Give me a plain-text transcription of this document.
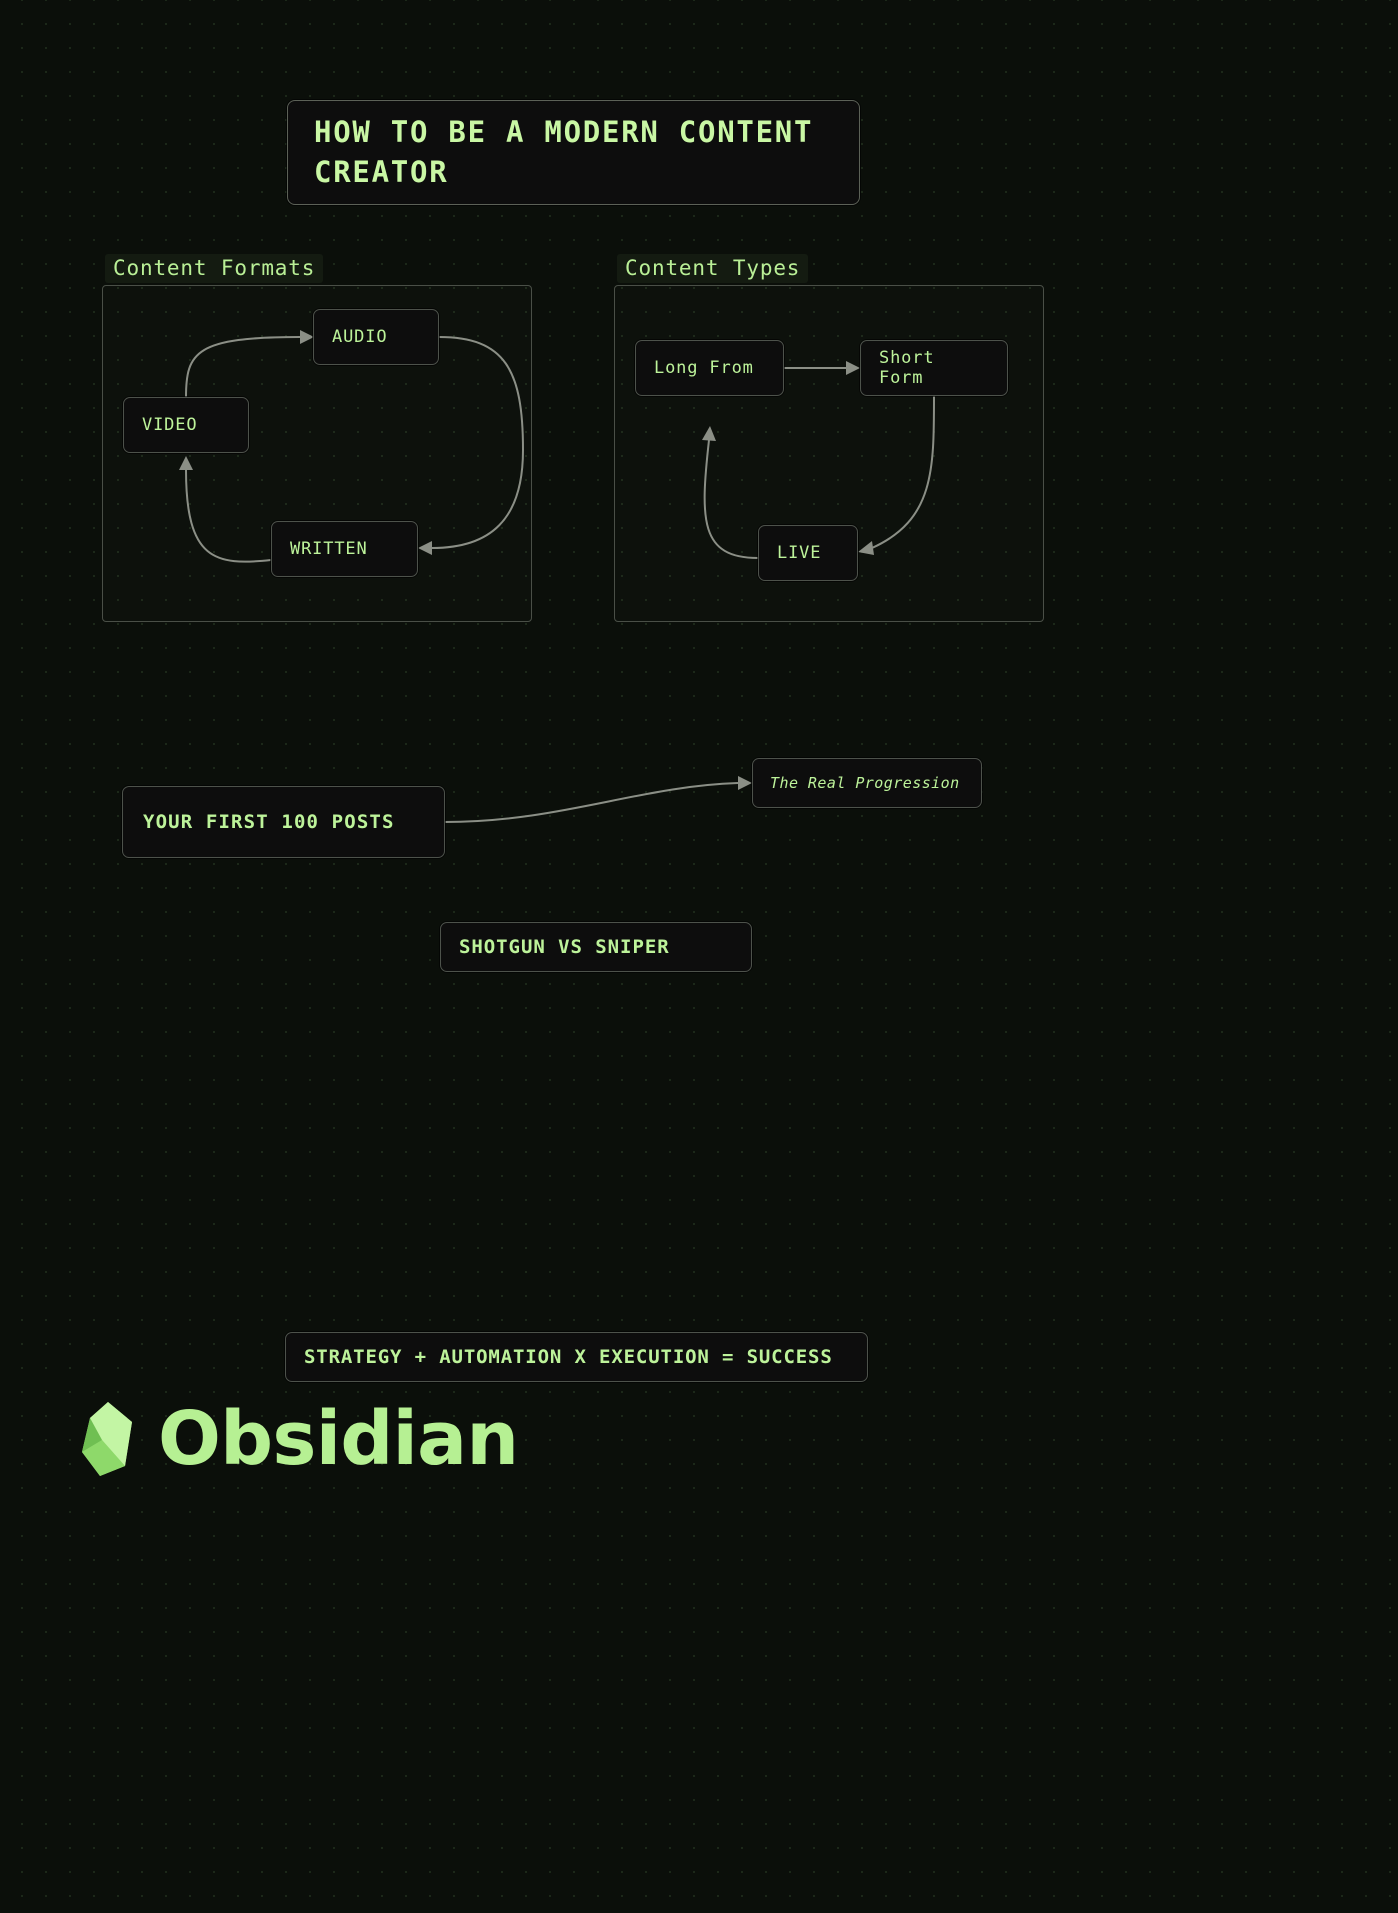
HOW TO BE A MODERN CONTENT CREATOR
Content Formats	Content Types
AUDIO
VIDEO
WRITTEN
Long From	Short Form
LIVE
YOUR FIRST 100 POSTS
The Real Progression
SHOTGUN VS SNIPER
STRATEGY + AUTOMATION X EXECUTION = SUCCESS
Obsidian
